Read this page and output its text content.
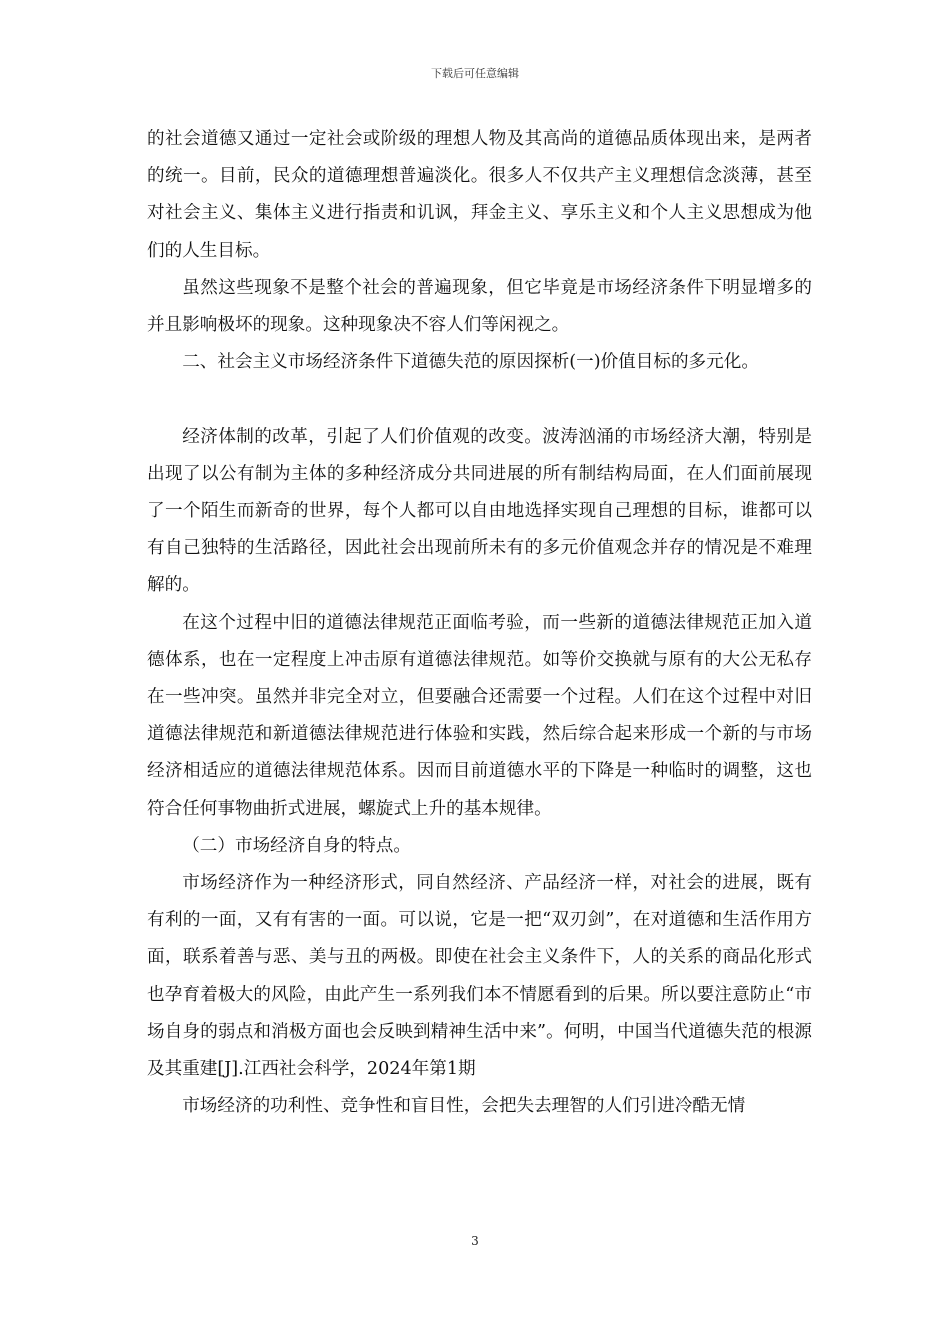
下载后可任意编辑

的社会道德又通过一定社会或阶级的理想人物及其高尚的道德品质体现出来，是两者的统一。目前，民众的道德理想普遍淡化。很多人不仅共产主义理想信念淡薄，甚至对社会主义、集体主义进行指责和讥讽，拜金主义、享乐主义和个人主义思想成为他们的人生目标。

虽然这些现象不是整个社会的普遍现象，但它毕竟是市场经济条件下明显增多的并且影响极坏的现象。这种现象决不容人们等闲视之。

二、社会主义市场经济条件下道德失范的原因探析(一)价值目标的多元化。

经济体制的改革，引起了人们价值观的改变。波涛汹涌的市场经济大潮，特别是出现了以公有制为主体的多种经济成分共同进展的所有制结构局面，在人们面前展现了一个陌生而新奇的世界，每个人都可以自由地选择实现自己理想的目标，谁都可以有自己独特的生活路径，因此社会出现前所未有的多元价值观念并存的情况是不难理解的。

在这个过程中旧的道德法律规范正面临考验，而一些新的道德法律规范正加入道德体系，也在一定程度上冲击原有道德法律规范。如等价交换就与原有的大公无私存在一些冲突。虽然并非完全对立，但要融合还需要一个过程。人们在这个过程中对旧道德法律规范和新道德法律规范进行体验和实践，然后综合起来形成一个新的与市场经济相适应的道德法律规范体系。因而目前道德水平的下降是一种临时的调整，这也符合任何事物曲折式进展，螺旋式上升的基本规律。

（二）市场经济自身的特点。

市场经济作为一种经济形式，同自然经济、产品经济一样，对社会的进展，既有有利的一面，又有有害的一面。可以说，它是一把“双刃剑”，在对道德和生活作用方面，联系着善与恶、美与丑的两极。即使在社会主义条件下，人的关系的商品化形式也孕育着极大的风险，由此产生一系列我们本不情愿看到的后果。所以要注意防止“市场自身的弱点和消极方面也会反映到精神生活中来”。何明，中国当代道德失范的根源及其重建[J].江西社会科学，2024年第1期

市场经济的功利性、竞争性和盲目性，会把失去理智的人们引进冷酷无情

3
